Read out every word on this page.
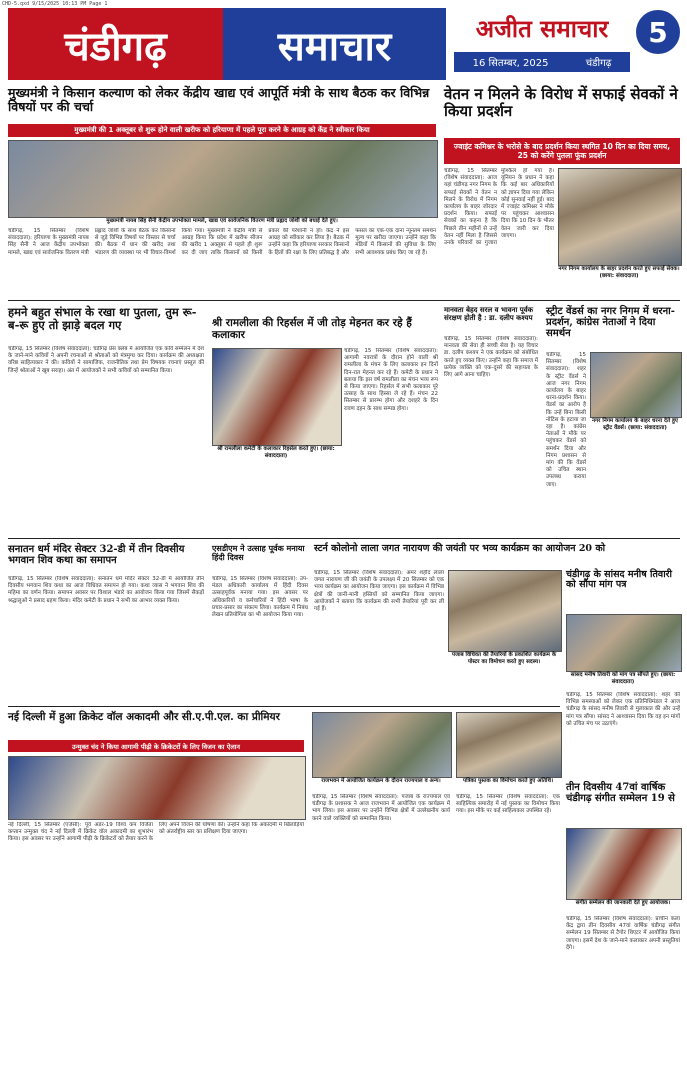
CHD-5.qxd 9/15/2025 10:13 PM Page 1
चंडीगढ़	समाचार	अजीत समाचार	5
16 सितम्बर, 2025	चंडीगढ़
मुख्यमंत्री ने किसान कल्याण को लेकर केंद्रीय खाद्य एवं आपूर्ति मंत्री के साथ बैठक कर विभिन्न विषयों पर की चर्चा
मुख्यमंत्री की 1 अक्तूबर से शुरू होने वाली खरीफ को हरियाणा में पहले पूरा करने के आग्रह को केंद्र ने स्वीकार किया
मुख्यमंत्री नायब सिंह सैनी केंद्रीय उपभोक्ता मामले, खाद्य एवं सार्वजनिक वितरण मंत्री प्रह्लाद जोशी को बधाई देते हुए।
चंडीगढ़, 15 सितम्बर (विशेष संवाददाता): हरियाणा के मुख्यमंत्री नायब सिंह सैनी ने आज केंद्रीय उपभोक्ता मामले, खाद्य एवं सार्वजनिक वितरण मंत्री प्रह्लाद जोशी के साथ बैठक कर किसानों से जुड़े विभिन्न विषयों पर विस्तार से चर्चा की। बैठक में धान की खरीद तथा भंडारण की व्यवस्था पर भी विचार-विमर्श किया गया। मुख्यमंत्री ने केंद्रीय मंत्री से आग्रह किया कि प्रदेश में खरीफ सीजन की खरीद 1 अक्तूबर से पहले ही शुरू कर दी जाए ताकि किसानों को किसी प्रकार की परेशानी न हो। केंद्र ने इस आग्रह को स्वीकार कर लिया है। बैठक में उन्होंने कहा कि हरियाणा सरकार किसानों के हितों की रक्षा के लिए प्रतिबद्ध है और फसल का एक-एक दाना न्यूनतम समर्थन मूल्य पर खरीदा जाएगा। उन्होंने कहा कि मंडियों में किसानों की सुविधा के लिए सभी आवश्यक प्रबंध किए जा रहे हैं।
वेतन न मिलने के विरोध में सफाई सेवकों ने किया प्रदर्शन
ज्वाइंट कमिश्नर के भरोसे के बाद प्रदर्शन किया स्थगित 10 दिन का दिया समय, 25 को करेंगे पुतला फूंक प्रदर्शन
चंडीगढ़, 15 सितम्बर (विशेष संवाददाता): आज यहां चंडीगढ़ नगर निगम के सफाई सेवकों ने वेतन न मिलने के विरोध में निगम कार्यालय के बाहर जोरदार प्रदर्शन किया। सफाई सेवकों का कहना है कि पिछले तीन महीनों से उन्हें वेतन नहीं मिला है जिससे उनके परिवारों का गुजारा मुश्किल हो गया है। यूनियन के प्रधान ने कहा कि कई बार अधिकारियों को ज्ञापन दिया गया लेकिन कोई सुनवाई नहीं हुई। बाद में ज्वाइंट कमिश्नर ने मौके पर पहुंचकर आश्वासन दिया कि 10 दिन के भीतर वेतन जारी कर दिया जाएगा।
नगर निगम कार्यालय के बाहर प्रदर्शन करते हुए सफाई सेवक। (छाया: संवाददाता)
हमने बहुत संभाल के रखा था पुतला, तुम रू-ब-रू हुए तो झाड़े बदल गए
चंडीगढ़, 15 सितम्बर (विशेष संवाददाता): चंडीगढ़ प्रेस क्लब में आयोजित एक कवि सम्मेलन में देश के जाने-माने कवियों ने अपनी रचनाओं से श्रोताओं को मंत्रमुग्ध कर दिया। कार्यक्रम की अध्यक्षता वरिष्ठ साहित्यकार ने की। कवियों ने सामाजिक, राजनीतिक तथा प्रेम विषयक रचनाएं प्रस्तुत कीं जिन्हें श्रोताओं ने खूब सराहा। अंत में आयोजकों ने सभी कवियों को सम्मानित किया।
श्री रामलीला की रिहर्सल में जी तोड़ मेहनत कर रहे हैं कलाकार
श्री रामलीला कमेटी के कलाकार रिहर्सल करते हुए। (छाया: संवाददाता)
चंडीगढ़, 15 सितम्बर (विशेष संवाददाता): आगामी नवरात्रों के दौरान होने वाली श्री रामलीला के मंचन के लिए कलाकार इन दिनों दिन-रात मेहनत कर रहे हैं। कमेटी के प्रधान ने बताया कि इस वर्ष रामलीला का मंचन भव्य रूप से किया जाएगा। रिहर्सल में सभी कलाकार पूरे उत्साह के साथ हिस्सा ले रहे हैं। मंचन 22 सितम्बर से प्रारम्भ होगा और दशहरे के दिन रावण दहन के साथ सम्पन्न होगा।
मानवता बेहद सरल व भावना पूर्वक संरक्षण होती है : डा. दलीप कश्यप
चंडीगढ़, 15 सितम्बर (विशेष संवाददाता): मानवता की सेवा ही सच्ची सेवा है। यह विचार डा. दलीप कश्यप ने एक कार्यक्रम को संबोधित करते हुए व्यक्त किए। उन्होंने कहा कि समाज में प्रत्येक व्यक्ति को एक-दूसरे की सहायता के लिए आगे आना चाहिए।
स्ट्रीट वेंडर्स का नगर निगम में धरना-प्रदर्शन, कांग्रेस नेताओं ने दिया समर्थन
नगर निगम कार्यालय के बाहर धरना देते हुए स्ट्रीट वेंडर्स। (छाया: संवाददाता)
चंडीगढ़, 15 सितम्बर (विशेष संवाददाता): शहर के स्ट्रीट वेंडर्स ने आज नगर निगम कार्यालय के बाहर धरना-प्रदर्शन किया। वेंडर्स का आरोप है कि उन्हें बिना किसी नोटिस के हटाया जा रहा है। कांग्रेस नेताओं ने मौके पर पहुंचकर वेंडर्स को समर्थन दिया और निगम प्रशासन से मांग की कि वेंडर्स को उचित स्थान उपलब्ध कराया जाए।
सनातन धर्म मंदिर सेक्टर 32-डी में तीन दिवसीय भगवान शिव कथा का समापन
चंडीगढ़, 15 सितम्बर (विशेष संवाददाता): सनातन धर्म मंदिर सेक्टर 32-डी में आयोजित तीन दिवसीय भगवान शिव कथा का आज विधिवत समापन हो गया। कथा व्यास ने भगवान शिव की महिमा का वर्णन किया। समापन अवसर पर विशाल भंडारे का आयोजन किया गया जिसमें सैकड़ों श्रद्धालुओं ने प्रसाद ग्रहण किया। मंदिर कमेटी के प्रधान ने सभी का आभार व्यक्त किया।
एसडीएम ने उत्साह पूर्वक मनाया हिंदी दिवस
चंडीगढ़, 15 सितम्बर (विशेष संवाददाता): उप-मंडल अधिकारी कार्यालय में हिंदी दिवस उत्साहपूर्वक मनाया गया। इस अवसर पर अधिकारियों व कर्मचारियों ने हिंदी भाषा के प्रचार-प्रसार का संकल्प लिया। कार्यक्रम में निबंध लेखन प्रतियोगिता का भी आयोजन किया गया।
स्टर्न कोलोनो लाला जगत नारायण की जयंती पर भव्य कार्यक्रम का आयोजन 20 को
चंडीगढ़, 15 सितम्बर (विशेष संवाददाता): अमर शहीद लाला जगत नारायण जी की जयंती के उपलक्ष्य में 20 सितम्बर को एक भव्य कार्यक्रम का आयोजन किया जाएगा। इस कार्यक्रम में विभिन्न क्षेत्रों की जानी-मानी हस्तियों को सम्मानित किया जाएगा। आयोजकों ने बताया कि कार्यक्रम की सभी तैयारियां पूरी कर ली गई हैं।
पंजाब विधिवत की तैयारियों के प्रकाशित कार्यक्रम के पोस्टर का विमोचन करते हुए सदस्य।
चंडीगढ़ के सांसद मनीष तिवारी को सौंपा मांग पत्र
सांसद मनीष तिवारी को मांग पत्र सौंपते हुए। (छाया: संवाददाता)
चंडीगढ़, 15 सितम्बर (विशेष संवाददाता): शहर की विभिन्न समस्याओं को लेकर एक प्रतिनिधिमंडल ने आज चंडीगढ़ के सांसद मनीष तिवारी से मुलाकात की और उन्हें मांग पत्र सौंपा। सांसद ने आश्वासन दिया कि वह इन मांगों को उचित मंच पर उठाएंगे।
नई दिल्ली में हुआ क्रिकेट वॉल अकादमी और सी.ए.पी.एल. का प्रीमियर
उन्मुक्त चंद ने किया आगामी पीढ़ी के क्रिकेटरों के लिए विजन का ऐलान
नई दिल्ली, 15 सितम्बर (एजेंसी): पूर्व अंडर-19 विश्व कप विजेता कप्तान उन्मुक्त चंद ने नई दिल्ली में क्रिकेट वॉल अकादमी का शुभारंभ किया। इस अवसर पर उन्होंने आगामी पीढ़ी के क्रिकेटरों को तैयार करने के लिए अपने विजन की घोषणा की। उन्होंने कहा कि अकादमी में खिलाड़ियों को अंतर्राष्ट्रीय स्तर का प्रशिक्षण दिया जाएगा।
राजभवन में आयोजित कार्यक्रम के दौरान राज्यपाल व अन्य।
चंडीगढ़, 15 सितम्बर (विशेष संवाददाता): पंजाब के राज्यपाल एवं चंडीगढ़ के प्रशासक ने आज राजभवन में आयोजित एक कार्यक्रम में भाग लिया। इस अवसर पर उन्होंने विभिन्न क्षेत्रों में उल्लेखनीय कार्य करने वाले व्यक्तियों को सम्मानित किया।
पत्रिका पुस्तक का विमोचन करते हुए अतिथि।
चंडीगढ़, 15 सितम्बर (विशेष संवाददाता): एक साहित्यिक समारोह में नई पुस्तक का विमोचन किया गया। इस मौके पर कई साहित्यकार उपस्थित रहे।
तीन दिवसीय 47वां वार्षिक चंडीगढ़ संगीत सम्मेलन 19 से
संगीत सम्मेलन की जानकारी देते हुए आयोजक।
चंडीगढ़, 15 सितम्बर (विशेष संवाददाता): प्राचीन कला केंद्र द्वारा तीन दिवसीय 47वां वार्षिक चंडीगढ़ संगीत सम्मेलन 19 सितम्बर से टैगोर थिएटर में आयोजित किया जाएगा। इसमें देश के जाने-माने कलाकार अपनी प्रस्तुतियां देंगे।
